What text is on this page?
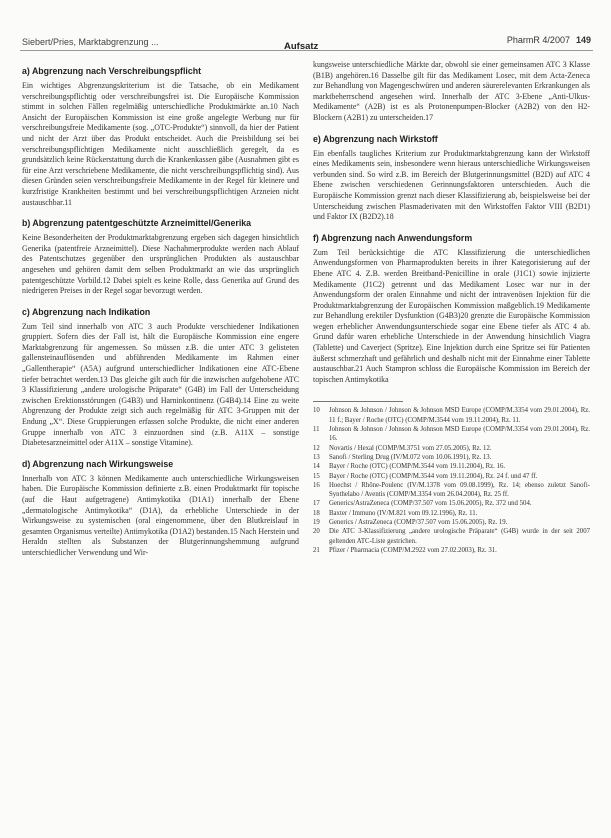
Siebert/Pries, Marktabgrenzung ...	Aufsatz
PharmR 4/2007 149
a) Abgrenzung nach Verschreibungspflicht

Ein wichtiges Abgrenzungskriterium ist die Tatsache, ob ein Medikament verschreibungspflichtig oder verschreibungsfrei ist. Die Europäische Kommission stimmt in solchen Fällen regelmäßig unterschiedliche Produktmärkte an.10 Nach Ansicht der Europäischen Kommission ist eine große angelegte Werbung nur für verschreibungsfreie Medikamente (sog. „OTC-Produkte“) sinnvoll, da hier der Patient und nicht der Arzt über das Produkt entscheidet. Auch die Preisbildung sei bei verschreibungspflichtigen Medikamente nicht ausschließlich geregelt, da es grundsätzlich keine Rückerstattung durch die Krankenkassen gäbe (Ausnahmen gibt es für eine Arzt verschriebene Medikamente, die nicht verschreibungspflichtig sind). Aus diesen Gründen seien verschreibungsfreie Medikamente in der Regel für kleinere und kurzfristige Krankheiten bestimmt und bei verschreibungspflichtigen Arzneien nicht austauschbar.11

b) Abgrenzung patentgeschützte Arzneimittel/Generika

Keine Besonderheiten der Produktmarktabgrenzung ergeben sich dagegen hinsichtlich Generika (patentfreie Arzneimittel). Diese Nachahmerprodukte werden nach Ablauf des Patentschutzes gegenüber den ursprünglichen Produkten als austauschbar angesehen und gehören damit dem selben Produktmarkt an wie das ursprünglich patentgeschützte Vorbild.12 Dabei spielt es keine Rolle, dass Generika auf Grund des niedrigeren Preises in der Regel sogar bevorzugt werden.

c) Abgrenzung nach Indikation

Zum Teil sind innerhalb von ATC 3 auch Produkte verschiedener Indikationen gruppiert. Sofern dies der Fall ist, hält die Europäische Kommission eine engere Marktabgrenzung für angemessen. So müssen z.B. die unter ATC 3 gelisteten gallensteinauflösenden und abführenden Medikamente im Rahmen einer „Gallentherapie“ (A5A) aufgrund unterschiedlicher Indikationen eine ATC-Ebene tiefer betrachtet werden.13 Das gleiche gilt auch für die inzwischen aufgehobene ATC 3 Klassifizierung „andere urologische Präparate“ (G4B) im Fall der Unterscheidung zwischen Erektionsstörungen (G4B3) und Harninkontinenz (G4B4).14 Eine zu weite Abgrenzung der Produkte zeigt sich auch regelmäßig für ATC 3-Gruppen mit der Endung „X“. Diese Gruppierungen erfassen solche Produkte, die nicht einer anderen Gruppe innerhalb von ATC 3 einzuordnen sind (z.B. A11X – sonstige Diabetesarzneimittel oder A11X – sonstige Vitamine).

d) Abgrenzung nach Wirkungsweise

Innerhalb von ATC 3 können Medikamente auch unterschiedliche Wirkungsweisen haben. Die Europäische Kommission definierte z.B. einen Produktmarkt für topische (auf die Haut aufgetragene) Antimykotika (D1A1) innerhalb der Ebene „dermatologische Antimykotika“ (D1A), da erhebliche Unterschiede in der Wirkungsweise zu systemischen (oral eingenommene, über den Blutkreislauf in gesamten Organismus verteilte) Antimykotika (D1A2) bestanden.15 Nach Herstein und Heraldn stellten als Substanzen der Blutgerinnungshemmung aufgrund unterschiedlicher Verwendung und Wir-

kungsweise unterschiedliche Märkte dar, obwohl sie einer gemeinsamen ATC 3 Klasse (B1B) angehören.16 Dasselbe gilt für das Medikament Losec, mit dem Acta-Zeneca zur Behandlung von Magengeschwüren und anderen säurerelevanten Erkrankungen als marktbeherrschend angesehen wird. Innerhalb der ATC 3-Ebene „Anti-Ulkus-Medikamente“ (A2B) ist es als Protonenpumpen-Blocker (A2B2) von den H2-Blockern (A2B1) zu unterscheiden.17

e) Abgrenzung nach Wirkstoff

Ein ebenfalls taugliches Kriterium zur Produktmarktabgrenzung kann der Wirkstoff eines Medikaments sein, insbesondere wenn hieraus unterschiedliche Wirkungsweisen verbunden sind. So wird z.B. im Bereich der Blutgerinnungsmittel (B2D) auf ATC 4 Ebene zwischen verschiedenen Gerinnungsfaktoren unterschieden. Auch die Europäische Kommission grenzt nach dieser Klassifizierung ab, beispielsweise bei der Unterscheidung zwischen Plasmaderivaten mit den Wirkstoffen Faktor VIII (B2D1) und Faktor IX (B2D2).18

f) Abgrenzung nach Anwendungsform

Zum Teil berücksichtige die ATC Klassifizierung die unterschiedlichen Anwendungsformen von Pharmaprodukten bereits in ihrer Kategorisierung auf der Ebene ATC 4. Z.B. werden Breitband-Penicilline in orale (J1C1) sowie injizierte Medikamente (J1C2) getrennt und das Medikament Losec war nur in der Anwendungsform der oralen Einnahme und nicht der intravenösen Injektion für die Produktmarktabgrenzung der Europäischen Kommission maßgeblich.19 Medikamente zur Behandlung erektiler Dysfunktion (G4B3)20 grenzte die Europäische Kommission wegen erheblicher Anwendungsunterschiede sogar eine Ebene tiefer als ATC 4 ab. Grund dafür waren erhebliche Unterschiede in der Anwendung hinsichtlich Viagra (Tablette) und Caverject (Spritze). Eine Injektion durch eine Spritze sei für Patienten äußerst schmerzhaft und gefährlich und deshalb nicht mit der Einnahme einer Tablette austauschbar.21 Auch Stampron schloss die Europäische Kommission im Bereich der topischen Antimykotika

10	Johnson & Johnson / Johnson & Johnson MSD Europe (COMP/M.3354 vom 29.01.2004), Rz. 11 f.; Bayer / Roche (OTC) (COMP/M.3544 vom 19.11.2004), Rz. 11.
11	Johnson & Johnson / Johnson & Johnson MSD Europe (COMP/M.3354 vom 29.01.2004), Rz. 16.
12	Novartis / Hexal (COMP/M.3751 vom 27.05.2005), Rz. 12.
13	Sanofi / Sterling Drug (IV/M.072 vom 10.06.1991), Rz. 13.
14	Bayer / Roche (OTC) (COMP/M.3544 vom 19.11.2004), Rz. 16.
15	Bayer / Roche (OTC) (COMP/M.3544 vom 19.11.2004), Rz. 24 f. und 47 ff.
16	Hoechst / Rhône-Poulenc (IV/M.1378 vom 09.08.1999), Rz. 14; ebenso zuletzt Sanofi-Synthelabo / Aventis (COMP/M.3354 vom 26.04.2004), Rz. 25 ff.
17	Generics/AstraZeneca (COMP/37.507 vom 15.06.2005), Rz. 372 und 504.
18	Baxter / Immuno (IV/M.821 vom 09.12.1996), Rz. 11.
19	Generics / AstraZeneca (COMP/37.507 vom 15.06.2005), Rz. 19.
20	Die ATC 3-Klassifizierung „andere urologische Präparate“ (G4B) wurde in der seit 2007 geltenden ATC-Liste gestrichen.
21	Pfizer / Pharmacia (COMP/M.2922 vom 27.02.2003), Rz. 31.
